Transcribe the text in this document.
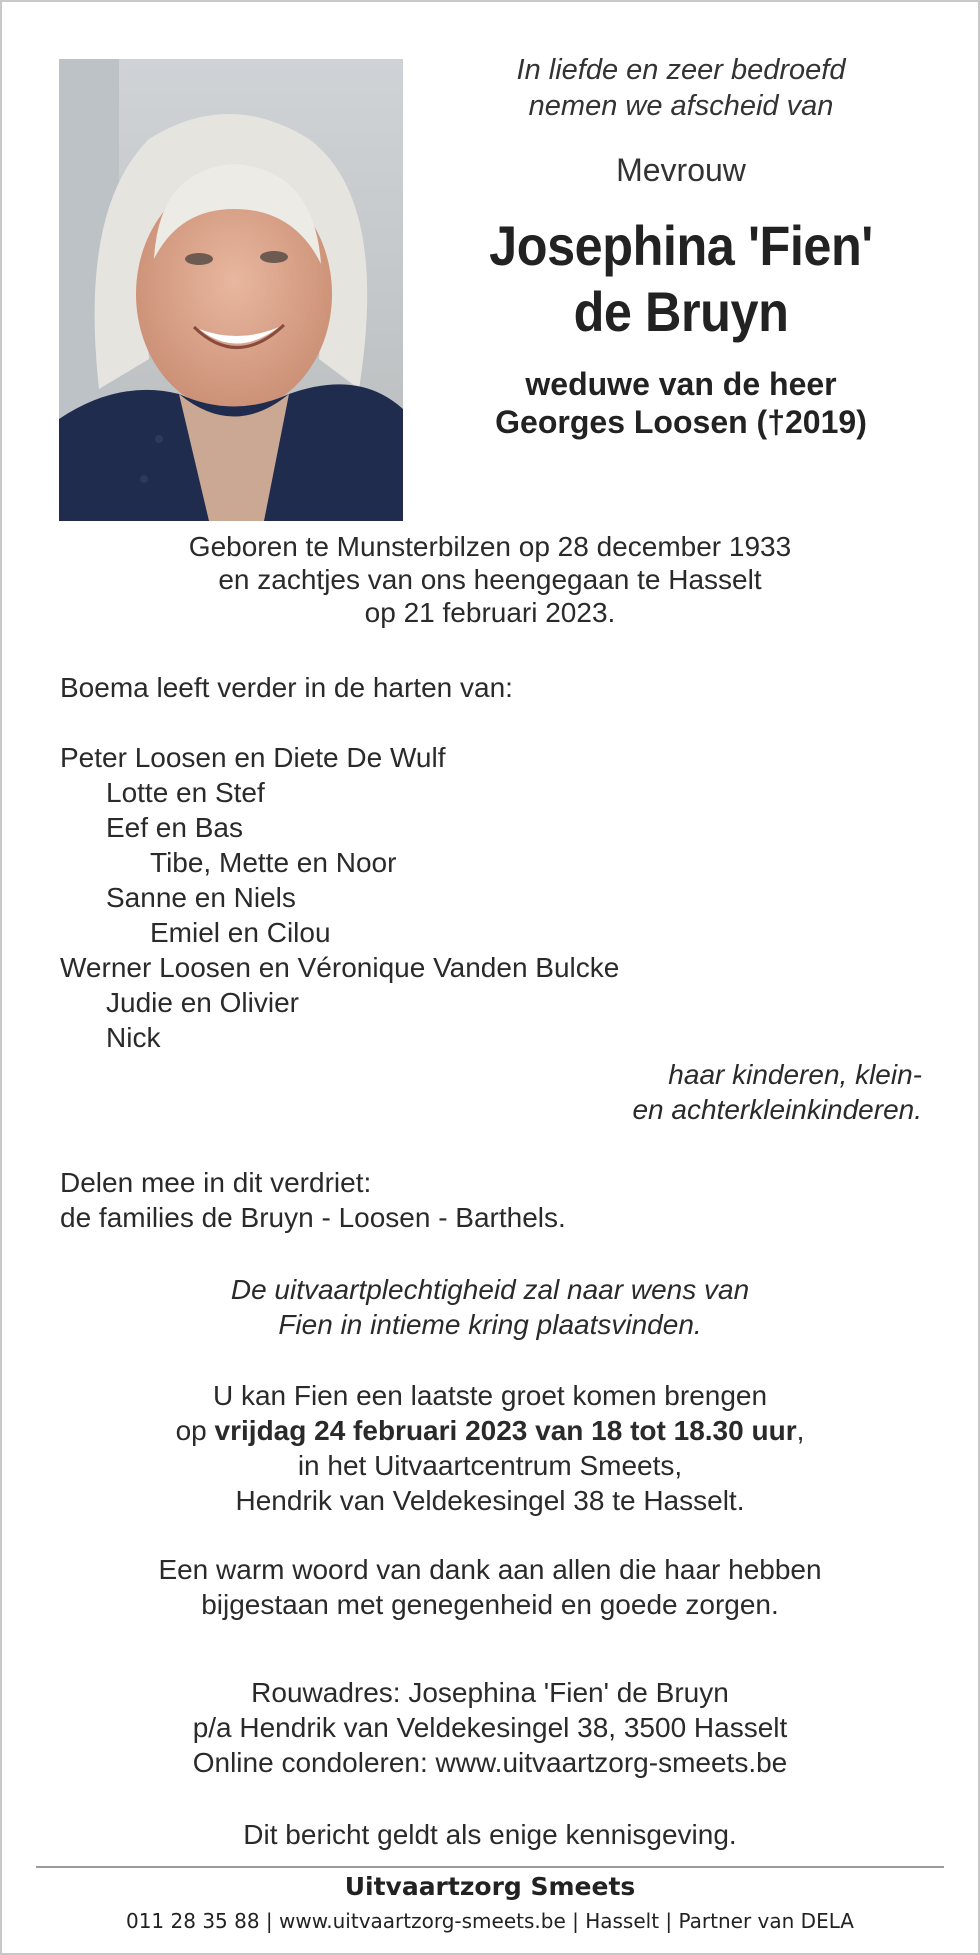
In liefde en zeer bedroefd
nemen we afscheid van
Mevrouw
Josephina 'Fien'
de Bruyn
weduwe van de heer
Georges Loosen (†2019)
Geboren te Munsterbilzen op 28 december 1933
en zachtjes van ons heengegaan te Hasselt
op 21 februari 2023.
Boema leeft verder in de harten van:
Peter Loosen en Diete De Wulf
Lotte en Stef
Eef en Bas
Tibe, Mette en Noor
Sanne en Niels
Emiel en Cilou
Werner Loosen en Véronique Vanden Bulcke
Judie en Olivier
Nick
haar kinderen, klein-
en achterkleinkinderen.
Delen mee in dit verdriet:
de families de Bruyn - Loosen - Barthels.
De uitvaartplechtigheid zal naar wens van
Fien in intieme kring plaatsvinden.
U kan Fien een laatste groet komen brengen
op vrijdag 24 februari 2023 van 18 tot 18.30 uur,
in het Uitvaartcentrum Smeets,
Hendrik van Veldekesingel 38 te Hasselt.
Een warm woord van dank aan allen die haar hebben
bijgestaan met genegenheid en goede zorgen.
Rouwadres: Josephina 'Fien' de Bruyn
p/a Hendrik van Veldekesingel 38, 3500 Hasselt
Online condoleren: www.uitvaartzorg-smeets.be
Dit bericht geldt als enige kennisgeving.
Uitvaartzorg Smeets
011 28 35 88 | www.uitvaartzorg-smeets.be | Hasselt | Partner van DELA
